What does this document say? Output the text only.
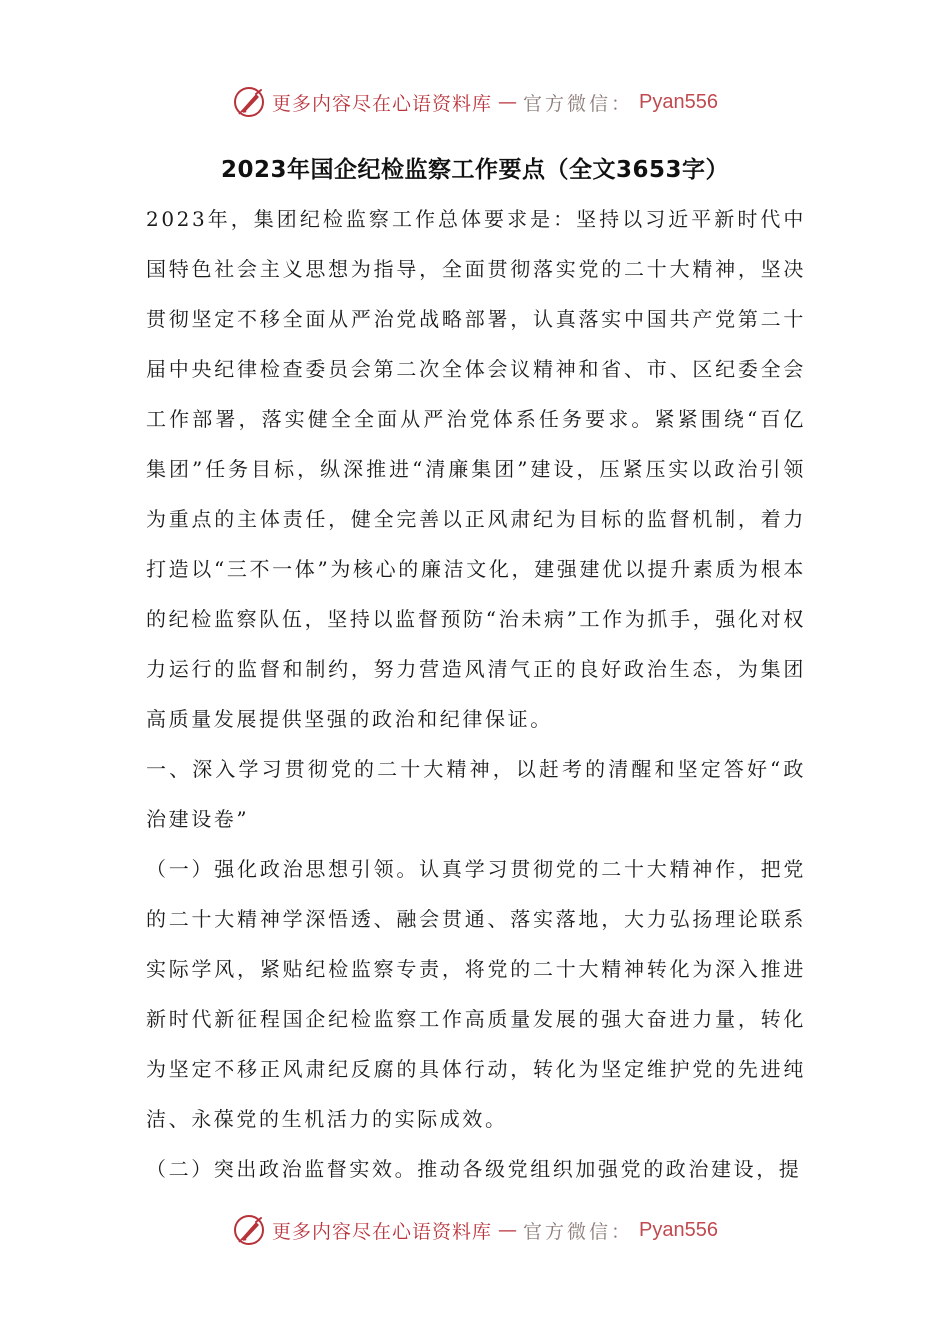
更多内容尽在心语资料库 — 官方微信： Pyan556
2023年国企纪检监察工作要点（全文3653字）

2023年，集团纪检监察工作总体要求是：坚持以习近平新时代中国特色社会主义思想为指导，全面贯彻落实党的二十大精神，坚决贯彻坚定不移全面从严治党战略部署，认真落实中国共产党第二十届中央纪律检查委员会第二次全体会议精神和省、市、区纪委全会工作部署，落实健全全面从严治党体系任务要求。紧紧围绕“百亿集团”任务目标，纵深推进“清廉集团”建设，压紧压实以政治引领为重点的主体责任，健全完善以正风肃纪为目标的监督机制，着力打造以“三不一体”为核心的廉洁文化，建强建优以提升素质为根本的纪检监察队伍，坚持以监督预防“治未病”工作为抓手，强化对权力运行的监督和制约，努力营造风清气正的良好政治生态，为集团高质量发展提供坚强的政治和纪律保证。

一、深入学习贯彻党的二十大精神，以赶考的清醒和坚定答好“政治建设卷”

（一）强化政治思想引领。认真学习贯彻党的二十大精神作，把党的二十大精神学深悟透、融会贯通、落实落地，大力弘扬理论联系实际学风，紧贴纪检监察专责，将党的二十大精神转化为深入推进新时代新征程国企纪检监察工作高质量发展的强大奋进力量，转化为坚定不移正风肃纪反腐的具体行动，转化为坚定维护党的先进纯洁、永葆党的生机活力的实际成效。

（二）突出政治监督实效。推动各级党组织加强党的政治建设，提

更多内容尽在心语资料库 — 官方微信： Pyan556
